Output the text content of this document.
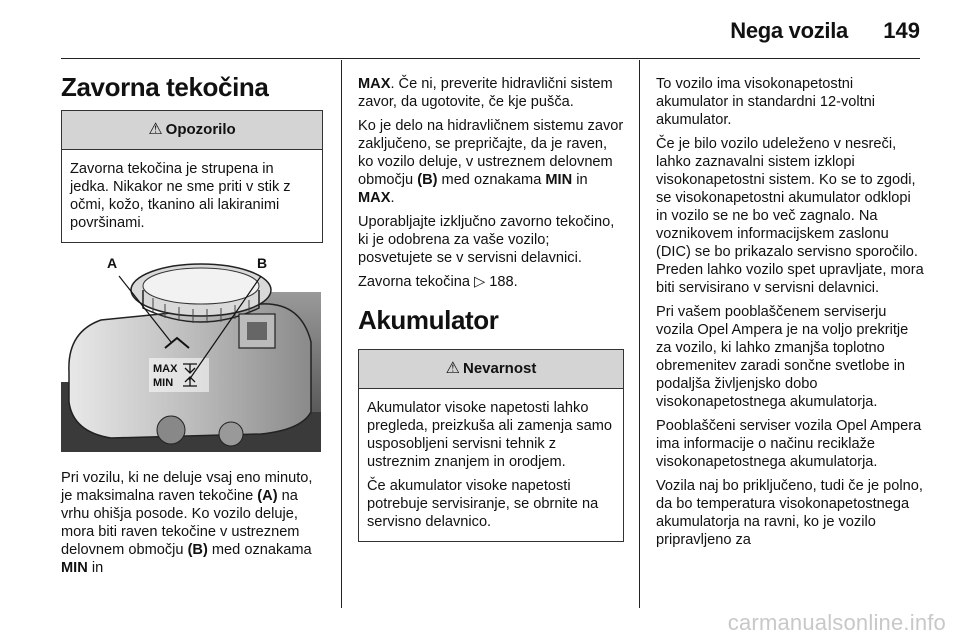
Nega vozila 149
Zavorna tekočina
⚠ Opozorilo

Zavorna tekočina je strupena in jedka. Nikakor ne sme priti v stik z očmi, kožo, tkanino ali lakiranimi površinami.

MAX
MIN
A	B

Pri vozilu, ki ne deluje vsaj eno minuto, je maksimalna raven tekočine (A) na vrhu ohišja posode. Ko vozilo deluje, mora biti raven tekočine v ustreznem delovnem območju (B) med oznakama MIN in

MAX. Če ni, preverite hidravlični sistem zavor, da ugotovite, če kje pušča.

Ko je delo na hidravličnem sistemu zavor zaključeno, se prepričajte, da je raven, ko vozilo deluje, v ustreznem delovnem območju (B) med oznakama MIN in MAX.

Uporabljajte izključno zavorno tekočino, ki je odobrena za vaše vozilo; posvetujete se v servisni delavnici.

Zavorna tekočina ▷ 188.

Akumulator
⚠ Nevarnost

Akumulator visoke napetosti lahko pregleda, preizkuša ali zamenja samo usposobljeni servisni tehnik z ustreznim znanjem in orodjem.

Če akumulator visoke napetosti potrebuje servisiranje, se obrnite na servisno delavnico.

To vozilo ima visokonapetostni akumulator in standardni 12-voltni akumulator.

Če je bilo vozilo udeleženo v nesreči, lahko zaznavalni sistem izklopi visokonapetostni sistem. Ko se to zgodi, se visokonapetostni akumulator odklopi in vozilo se ne bo več zagnalo. Na voznikovem informacijskem zaslonu (DIC) se bo prikazalo servisno sporočilo. Preden lahko vozilo spet upravljate, mora biti servisirano v servisni delavnici.

Pri vašem pooblaščenem serviserju vozila Opel Ampera je na voljo prekritje za vozilo, ki lahko zmanjša toplotno obremenitev zaradi sončne svetlobe in podaljša življenjsko dobo visokonapetostnega akumulatorja.

Pooblaščeni serviser vozila Opel Ampera ima informacije o načinu reciklaže visokonapetostnega akumulatorja.

Vozila naj bo priključeno, tudi če je polno, da bo temperatura visokonapetostnega akumulatorja na ravni, ko je vozilo pripravljeno za

carmanualsonline.info
